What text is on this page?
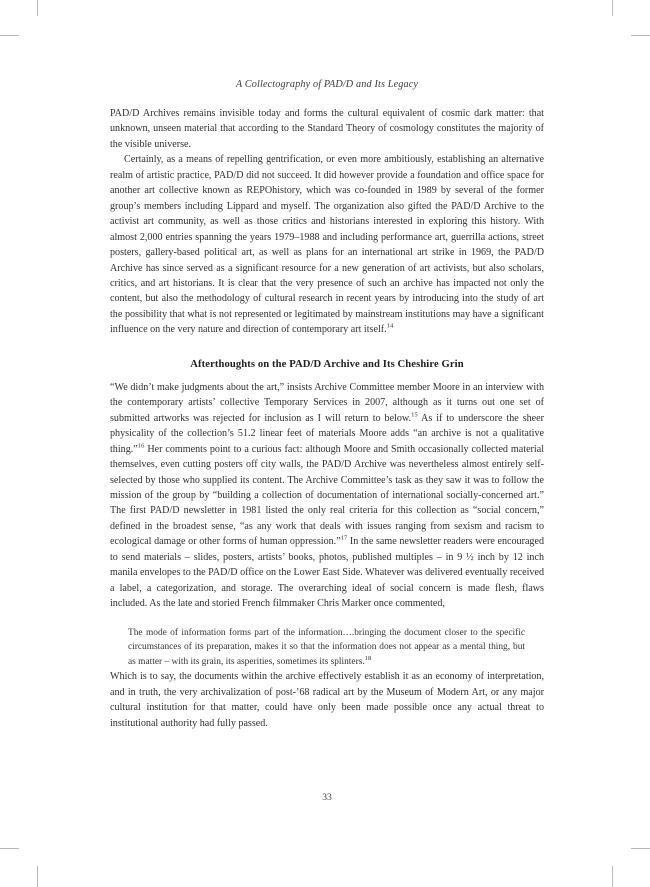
A Collectography of PAD/D and Its Legacy

PAD/D Archives remains invisible today and forms the cultural equivalent of cosmic dark matter: that unknown, unseen material that according to the Standard Theory of cosmology constitutes the majority of the visible universe.

Certainly, as a means of repelling gentrification, or even more ambitiously, establishing an alternative realm of artistic practice, PAD/D did not succeed. It did however provide a foundation and office space for another art collective known as REPOhistory, which was co-founded in 1989 by several of the former group’s members including Lippard and myself. The organization also gifted the PAD/D Archive to the activist art community, as well as those critics and historians interested in exploring this history. With almost 2,000 entries spanning the years 1979–1988 and including performance art, guerrilla actions, street posters, gallery-based political art, as well as plans for an international art strike in 1969, the PAD/D Archive has since served as a significant resource for a new generation of art activists, but also scholars, critics, and art historians. It is clear that the very presence of such an archive has impacted not only the content, but also the methodology of cultural research in recent years by introducing into the study of art the possibility that what is not represented or legitimated by mainstream institutions may have a significant influence on the very nature and direction of contemporary art itself.$^{14}$

Afterthoughts on the PAD/D Archive and Its Cheshire Grin

“We didn’t make judgments about the art,” insists Archive Committee member Moore in an interview with the contemporary artists’ collective Temporary Services in 2007, although as it turns out one set of submitted artworks was rejected for inclusion as I will return to below.$^{15}$ As if to underscore the sheer physicality of the collection’s 51.2 linear feet of materials Moore adds “an archive is not a qualitative thing.”$^{16}$ Her comments point to a curious fact: although Moore and Smith occasionally collected material themselves, even cutting posters off city walls, the PAD/D Archive was nevertheless almost entirely self-selected by those who supplied its content. The Archive Committee’s task as they saw it was to follow the mission of the group by “building a collection of documentation of international socially-concerned art.” The first PAD/D newsletter in 1981 listed the only real criteria for this collection as “social concern,” defined in the broadest sense, “as any work that deals with issues ranging from sexism and racism to ecological damage or other forms of human oppression.”$^{17}$ In the same newsletter readers were encouraged to send materials – slides, posters, artists’ books, photos, published multiples – in 9 ½ inch by 12 inch manila envelopes to the PAD/D office on the Lower East Side. Whatever was delivered eventually received a label, a categorization, and storage. The overarching ideal of social concern is made flesh, flaws included. As the late and storied French filmmaker Chris Marker once commented,

The mode of information forms part of the information….bringing the document closer to the specific circumstances of its preparation, makes it so that the information does not appear as a mental thing, but as matter – with its grain, its asperities, sometimes its splinters.$^{18}$

Which is to say, the documents within the archive effectively establish it as an economy of interpretation, and in truth, the very archivalization of post-’68 radical art by the Museum of Modern Art, or any major cultural institution for that matter, could have only been made possible once any actual threat to institutional authority had fully passed.

33
